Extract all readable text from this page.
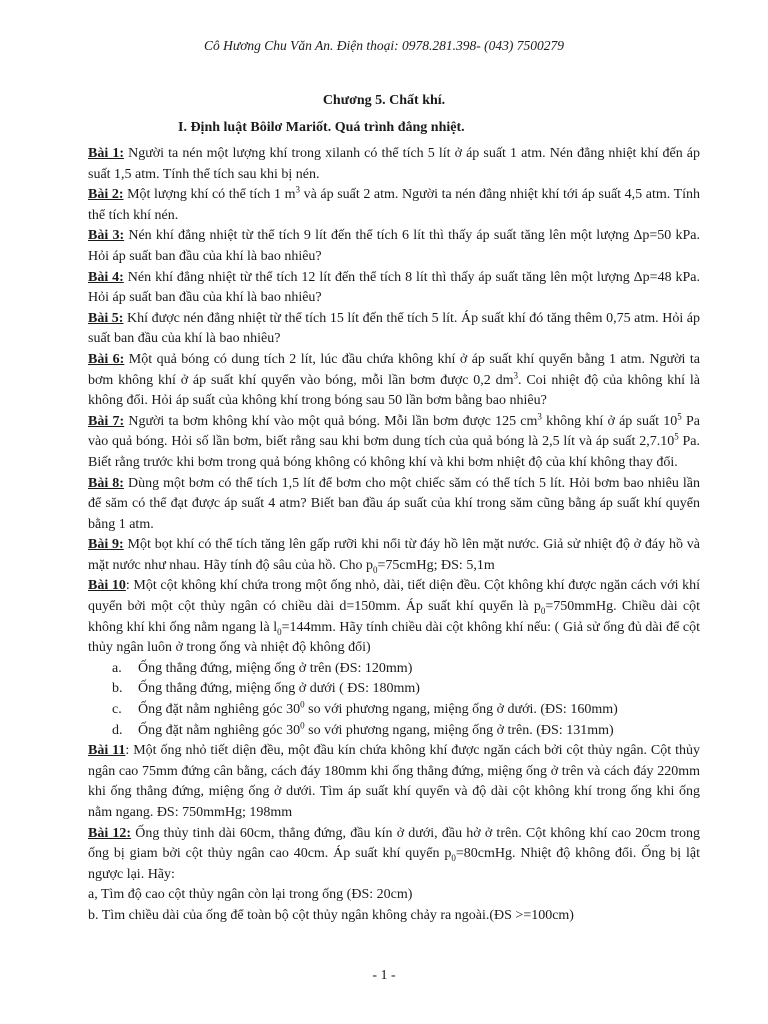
Cô Hương Chu Văn An. Điện thoại: 0978.281.398- (043) 7500279
Chương 5. Chất khí.
I. Định luật Bôilơ Mariốt. Quá trình đẳng nhiệt.

Bài 1: Người ta nén một lượng khí trong xilanh có thể tích 5 lít ở áp suất 1 atm. Nén đẳng nhiệt khí đến áp suất 1,5 atm. Tính thể tích sau khi bị nén.

Bài 2: Một lượng khí có thể tích 1 $m^3$ và áp suất 2 atm. Người ta nén đẳng nhiệt khí tới áp suất 4,5 atm. Tính thể tích khí nén.

Bài 3: Nén khí đẳng nhiệt từ thể tích 9 lít đến thể tích 6 lít thì thấy áp suất tăng lên một lượng Δp=50 kPa. Hỏi áp suất ban đầu của khí là bao nhiêu?

Bài 4: Nén khí đẳng nhiệt từ thể tích 12 lít đến thể tích 8 lít thì thấy áp suất tăng lên một lượng Δp=48 kPa. Hỏi áp suất ban đầu của khí là bao nhiêu?

Bài 5: Khí được nén đẳng nhiệt từ thể tích 15 lít đến thể tích 5 lít. Áp suất khí đó tăng thêm 0,75 atm. Hỏi áp suất ban đầu của khí là bao nhiêu?

Bài 6: Một quả bóng có dung tích 2 lít, lúc đầu chứa không khí ở áp suất khí quyển bằng 1 atm. Người ta bơm không khí ở áp suất khí quyển vào bóng, mỗi lần bơm được 0,2 $dm^3$. Coi nhiệt độ của không khí là không đổi. Hỏi áp suất của không khí trong bóng sau 50 lần bơm bằng bao nhiêu?

Bài 7: Người ta bơm không khí vào một quả bóng. Mỗi lần bơm được 125 $cm^3$ không khí ở áp suất $10^5$ Pa vào quả bóng. Hỏi số lần bơm, biết rằng sau khi bơm dung tích của quả bóng là 2,5 lít và áp suất 2,7.10$^5$ Pa. Biết rằng trước khi bơm trong quả bóng không có không khí và khi bơm nhiệt độ của khí không thay đổi.

Bài 8: Dùng một bơm có thể tích 1,5 lít để bơm cho một chiếc săm có thể tích 5 lít. Hỏi bơm bao nhiêu lần để săm có thể đạt được áp suất 4 atm? Biết ban đầu áp suất của khí trong săm cũng bằng áp suất khí quyển bằng 1 atm.

Bài 9: Một bọt khí có thể tích tăng lên gấp rưỡi khi nổi từ đáy hồ lên mặt nước. Giả sử nhiệt độ ở đáy hồ và mặt nước như nhau. Hãy tính độ sâu của hồ. Cho $p_0=75cmHg$; ĐS: 5,1m

Bài 10: Một cột không khí chứa trong một ống nhỏ, dài, tiết diện đều. Cột không khí được ngăn cách với khí quyển bởi một cột thủy ngân có chiều dài d=150mm. Áp suất khí quyển là $p_0=750mmHg$. Chiều dài cột không khí khi ống nằm ngang là $l_0=144mm$. Hãy tính chiều dài cột không khí nếu: ( Giả sử ống đủ dài để cột thủy ngân luôn ở trong ống và nhiệt độ không đổi)

a. Ống thẳng đứng, miệng ống ở trên (ĐS: 120mm)
b. Ống thẳng đứng, miệng ống ở dưới ( ĐS: 180mm)
c. Ống đặt nằm nghiêng góc $30^0$ so với phương ngang, miệng ống ở dưới. (ĐS: 160mm)
d. Ống đặt nằm nghiêng góc $30^0$ so với phương ngang, miệng ống ở trên. (ĐS: 131mm)

Bài 11: Một ống nhỏ tiết diện đều, một đầu kín chứa không khí được ngăn cách bởi cột thủy ngân. Cột thủy ngân cao 75mm đứng cân bằng, cách đáy 180mm khi ống thẳng đứng, miệng ống ở trên và cách đáy 220mm khi ống thẳng đứng, miệng ống ở dưới. Tìm áp suất khí quyển và độ dài cột không khí trong ống khi ống nằm ngang. ĐS: 750mmHg; 198mm

Bài 12: Ống thủy tinh dài 60cm, thẳng đứng, đầu kín ở dưới, đầu hở ở trên. Cột không khí cao 20cm trong ống bị giam bởi cột thủy ngân cao 40cm. Áp suất khí quyển $p_0=80cmHg$. Nhiệt độ không đổi. Ống bị lật ngược lại. Hãy:

a, Tìm độ cao cột thủy ngân còn lại trong ống (ĐS: 20cm)

b. Tìm chiều dài của ống để toàn bộ cột thủy ngân không chảy ra ngoài.(ĐS >=100cm)

- 1 -
